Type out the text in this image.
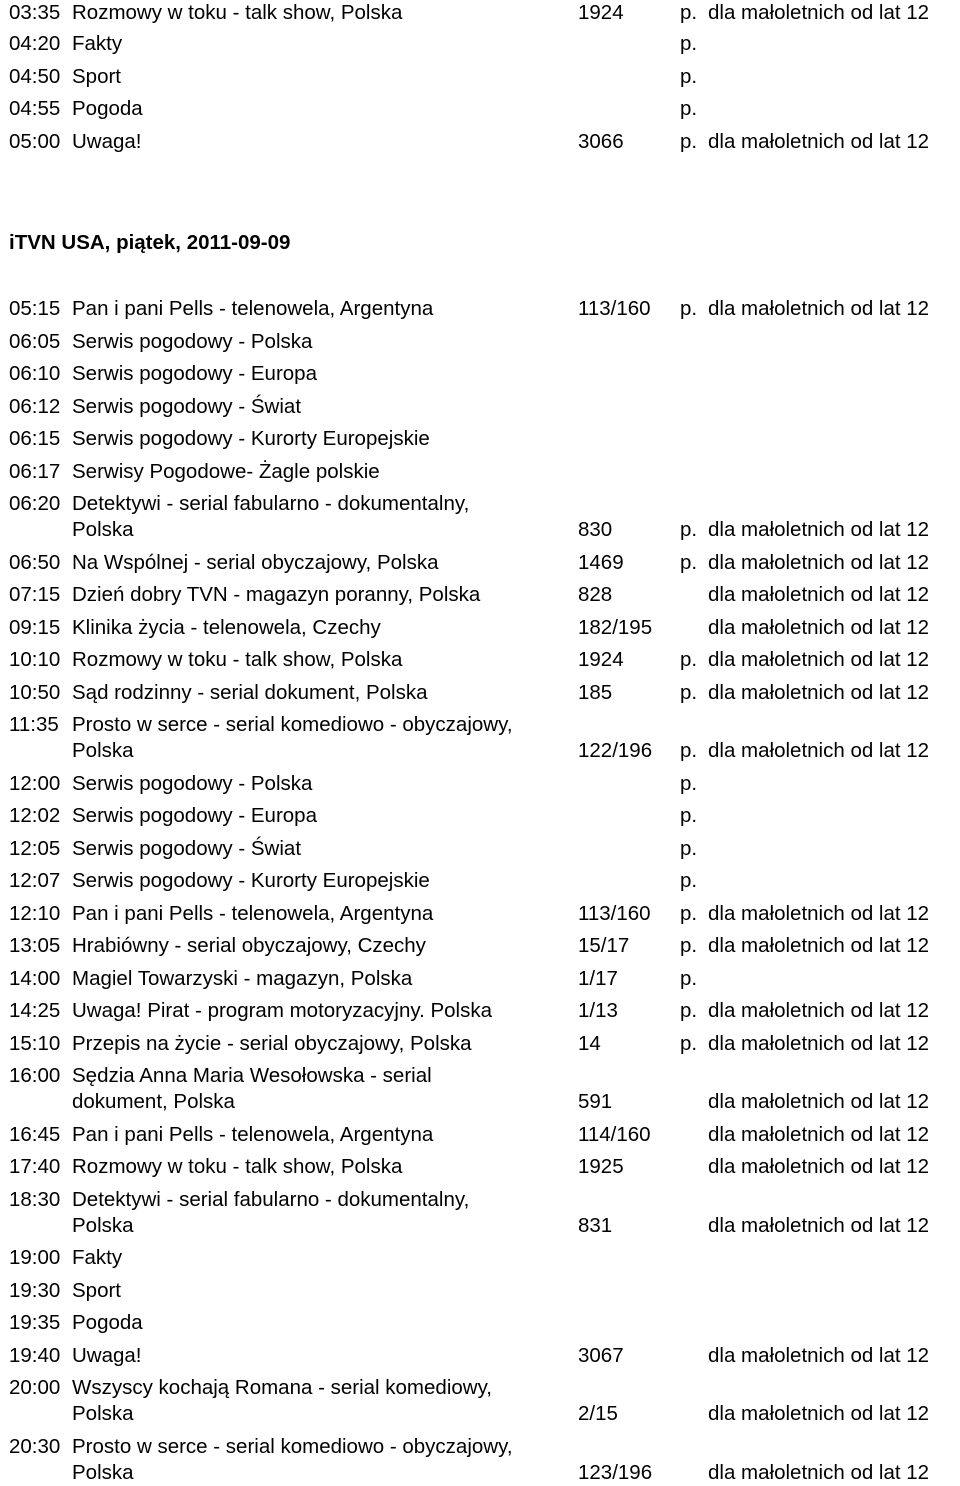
iTVN USA, piątek, 2011-09-09
03:35 Rozmowy w toku - talk show, Polska	1924	p. dla małoletnich od lat 12
04:20 Fakty	p.
04:50 Sport	p.
04:55 Pogoda	p.
05:00 Uwaga!	3066	p. dla małoletnich od lat 12
05:15 Pan i pani Pells - telenowela, Argentyna	113/160 p. dla małoletnich od lat 12
06:05 Serwis pogodowy - Polska
06:10 Serwis pogodowy - Europa
06:12 Serwis pogodowy - Świat
06:15 Serwis pogodowy - Kurorty Europejskie
06:17 Serwisy Pogodowe- Żagle polskie
06:20 Detektywi - serial fabularno - dokumentalny,
Polska	830	p. dla małoletnich od lat 12
06:50 Na Wspólnej - serial obyczajowy, Polska	1469	p. dla małoletnich od lat 12
07:15 Dzień dobry TVN - magazyn poranny, Polska	828	dla małoletnich od lat 12
09:15 Klinika życia - telenowela, Czechy	182/195	dla małoletnich od lat 12
10:10 Rozmowy w toku - talk show, Polska	1924	p. dla małoletnich od lat 12
10:50 Sąd rodzinny - serial dokument, Polska	185	p. dla małoletnich od lat 12
11:35 Prosto w serce - serial komediowo - obyczajowy,
Polska	122/196 p. dla małoletnich od lat 12
12:00 Serwis pogodowy - Polska	p.
12:02 Serwis pogodowy - Europa	p.
12:05 Serwis pogodowy - Świat	p.
12:07 Serwis pogodowy - Kurorty Europejskie	p.
12:10 Pan i pani Pells - telenowela, Argentyna	113/160 p. dla małoletnich od lat 12
13:05 Hrabiówny - serial obyczajowy, Czechy	15/17 p. dla małoletnich od lat 12
14:00 Magiel Towarzyski - magazyn, Polska	1/17	p.
14:25 Uwaga! Pirat - program motoryzacyjny. Polska	1/13	p. dla małoletnich od lat 12
15:10 Przepis na życie - serial obyczajowy, Polska	14	p. dla małoletnich od lat 12
16:00 Sędzia Anna Maria Wesołowska - serial
dokument, Polska	591	dla małoletnich od lat 12
16:45 Pan i pani Pells - telenowela, Argentyna	114/160	dla małoletnich od lat 12
17:40 Rozmowy w toku - talk show, Polska	1925	dla małoletnich od lat 12
18:30 Detektywi - serial fabularno - dokumentalny,
Polska	831	dla małoletnich od lat 12
19:00 Fakty
19:30 Sport
19:35 Pogoda
19:40 Uwaga!	3067	dla małoletnich od lat 12
20:00 Wszyscy kochają Romana - serial komediowy,
Polska	2/15	dla małoletnich od lat 12
20:30 Prosto w serce - serial komediowo - obyczajowy,
Polska	123/196	dla małoletnich od lat 12
